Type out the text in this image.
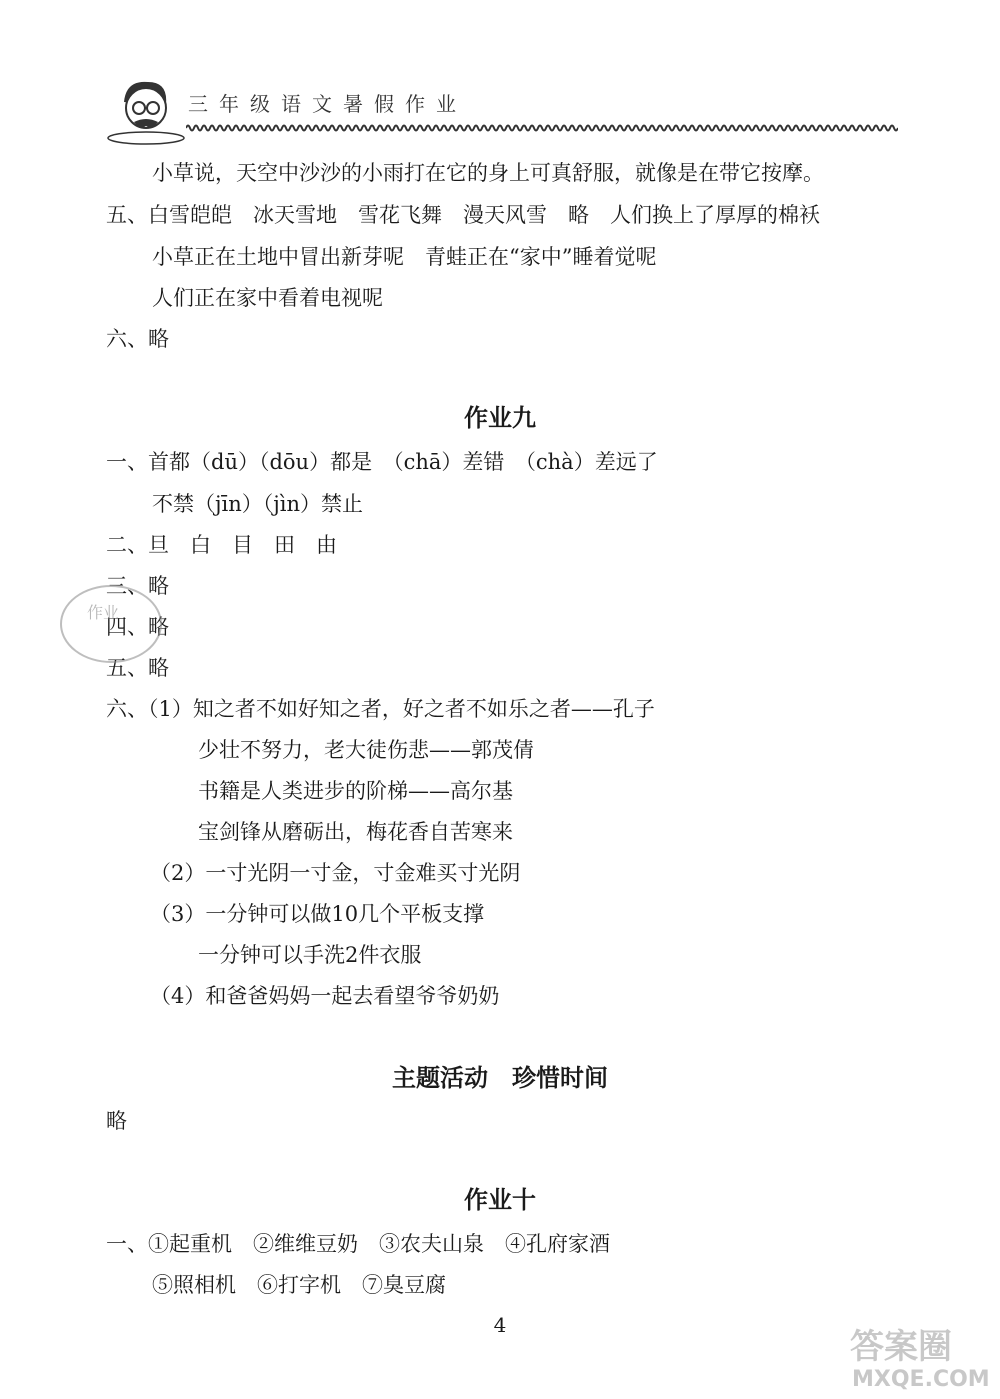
三年级语文暑假作业
小草说，天空中沙沙的小雨打在它的身上可真舒服，就像是在带它按摩。
五、白雪皑皑　冰天雪地　雪花飞舞　漫天风雪　略　人们换上了厚厚的棉袄
小草正在土地中冒出新芽呢　青蛙正在“家中”睡着觉呢
人们正在家中看着电视呢
六、略
作业九
一、首都（dū）（dōu）都是　（chā）差错　（chà）差远了
不禁（jīn）（jìn）禁止
二、旦　白　目　田　由
三、略
四、略
五、略
六、（1）知之者不如好知之者，好之者不如乐之者——孔子
少壮不努力，老大徒伤悲——郭茂倩
书籍是人类进步的阶梯——高尔基
宝剑锋从磨砺出，梅花香自苦寒来
（2）一寸光阴一寸金，寸金难买寸光阴
（3）一分钟可以做10几个平板支撑
一分钟可以手洗2件衣服
（4）和爸爸妈妈一起去看望爷爷奶奶
作业
主题活动　珍惜时间
略
作业十
一、①起重机　②维维豆奶　③农夫山泉　④孔府家酒
⑤照相机　⑥打字机　⑦臭豆腐
4
答案圈
MXQE.COM
